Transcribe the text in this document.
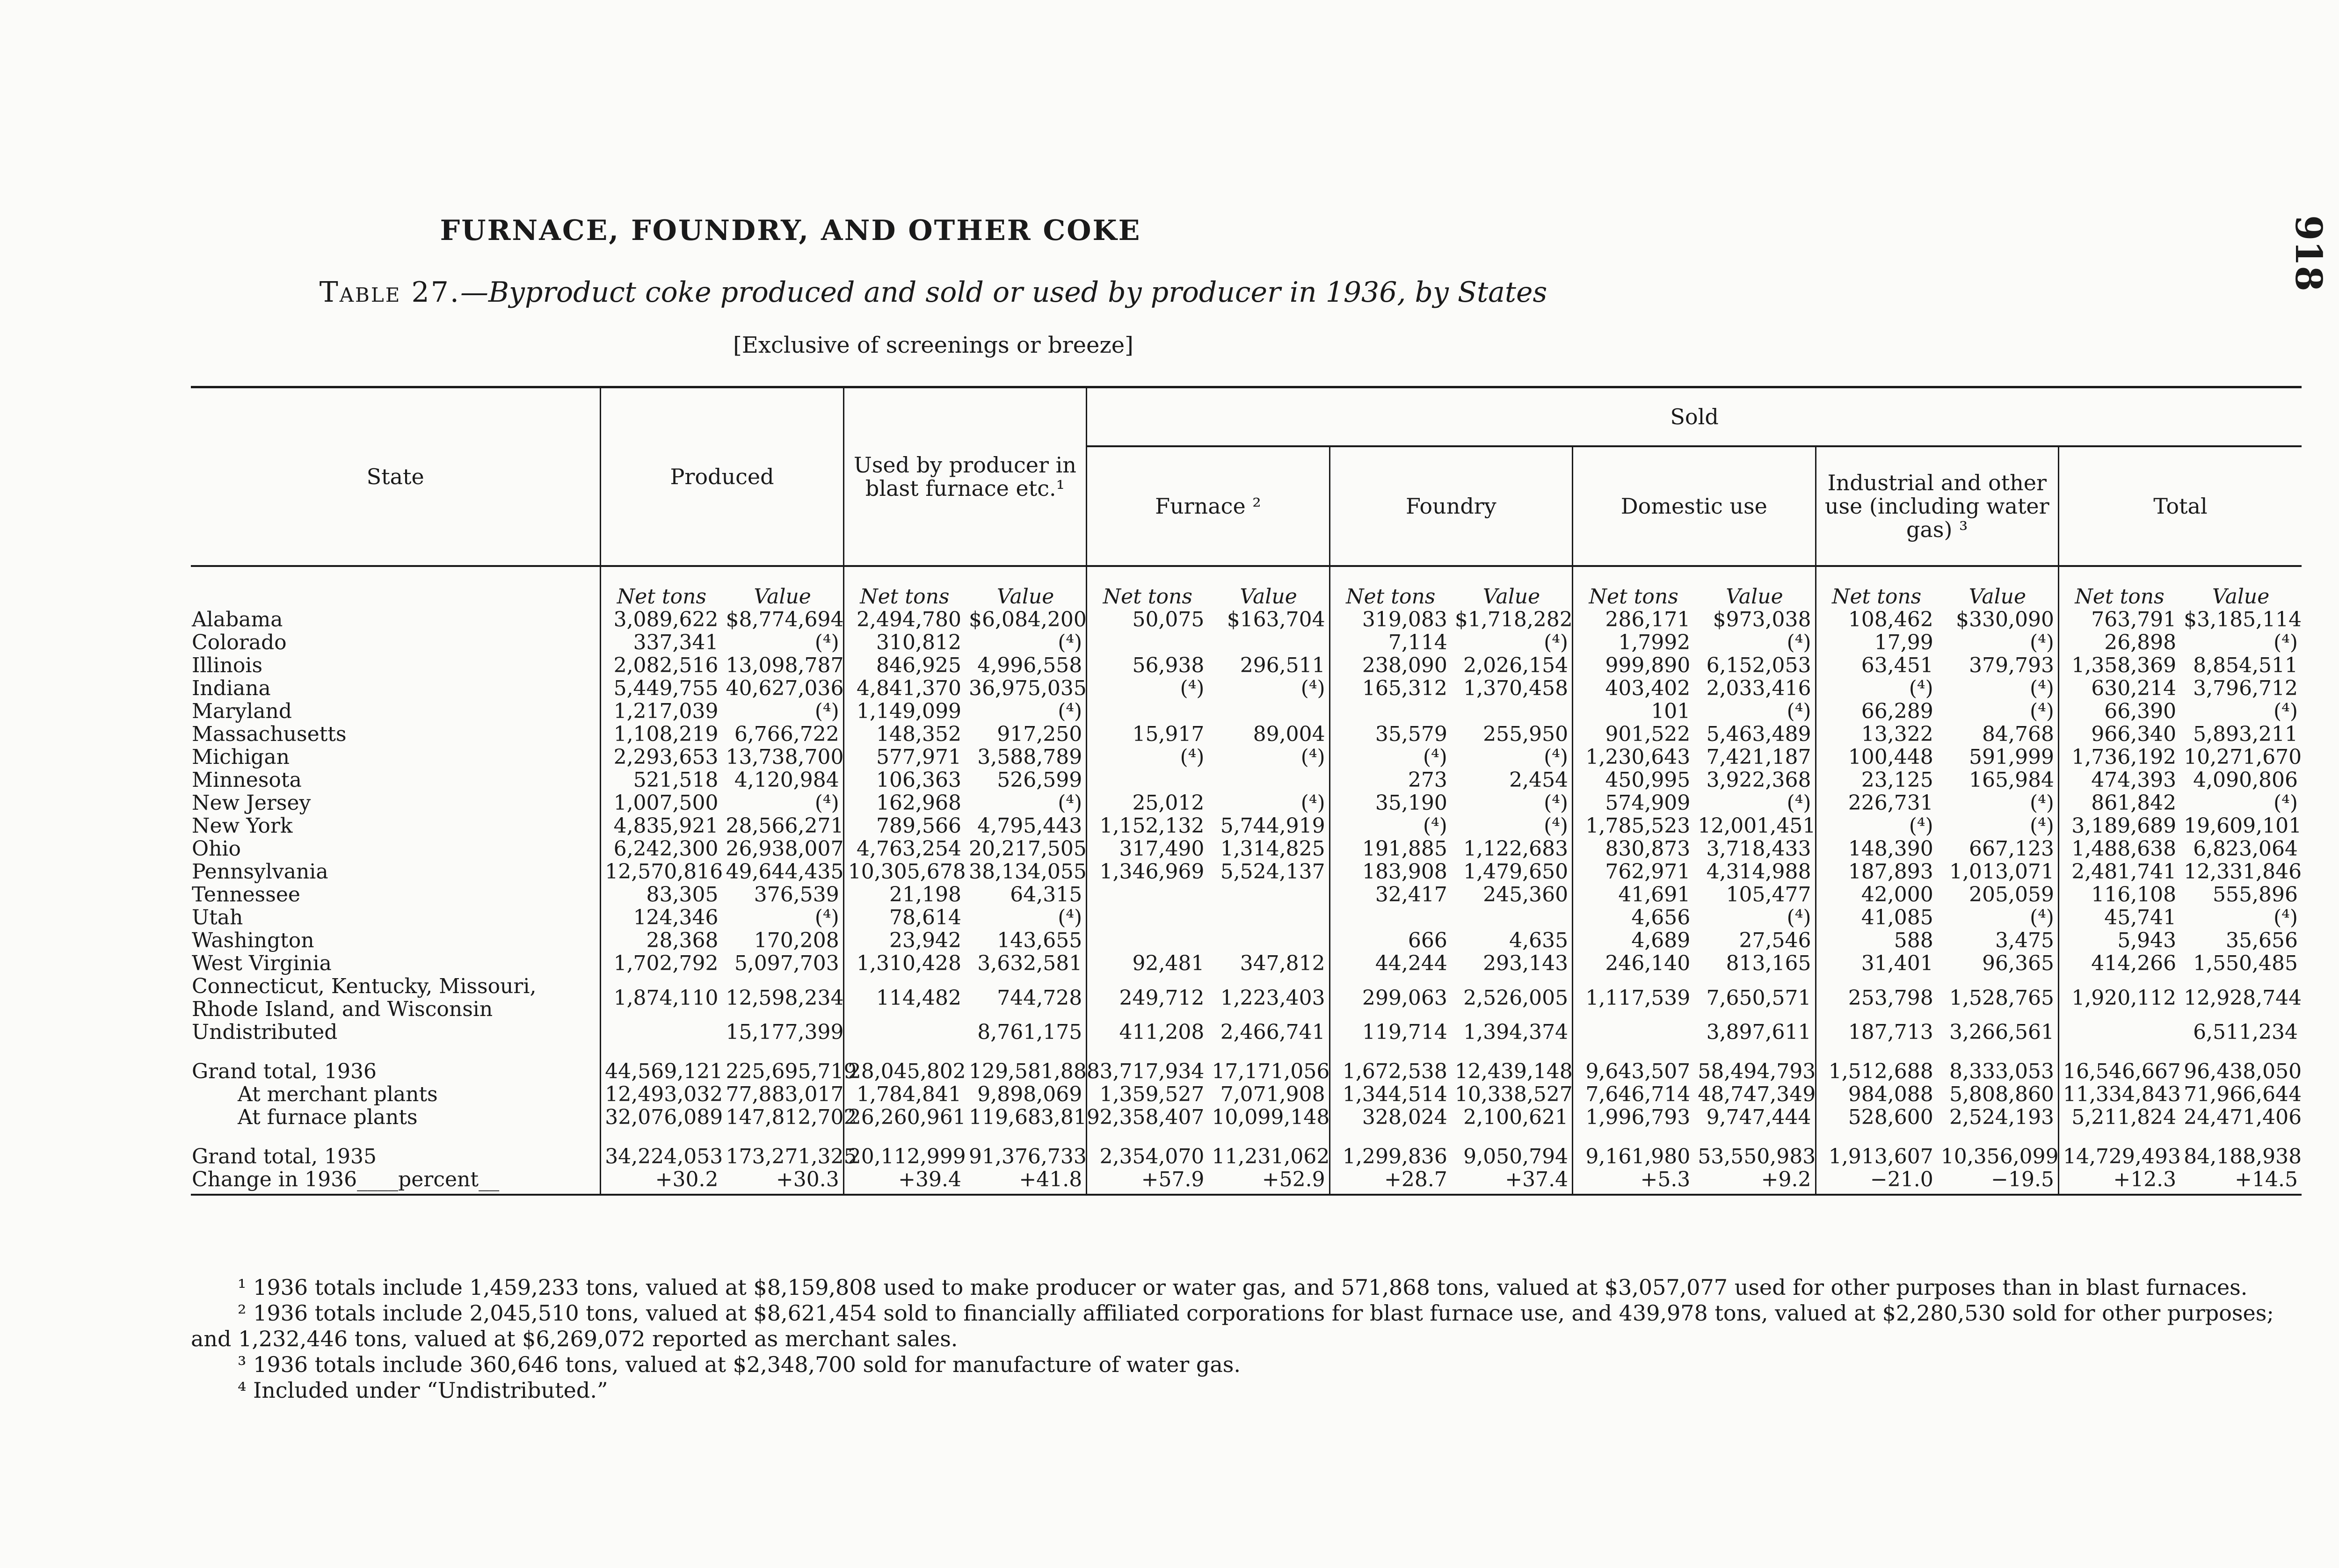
FURNACE, FOUNDRY, AND OTHER COKE
Table 27.—Byproduct coke produced and sold or used by producer in 1936, by States
[Exclusive of screenings or breeze]
918
State	Produced		Used by producer in blast furnace etc.¹		Sold									
					Furnace ²		Foundry		Domestic use		Industrial and other use (including water gas) ³		Total	
	Net tons	Value	Net tons	Value	Net tons	Value	Net tons	Value	Net tons	Value	Net tons	Value	Net tons	Value
Alabama	3,089,622	$8,774,694	2,494,780	$6,084,200	50,075	$163,704	319,083	$1,718,282	286,171	$973,038	108,462	$330,090	763,791	$3,185,114
Colorado	337,341	(⁴)	310,812	(⁴)			7,114	(⁴)	1,7992	(⁴)	17,99	(⁴)	26,898	(⁴)
Illinois	2,082,516	13,098,787	846,925	4,996,558	56,938	296,511	238,090	2,026,154	999,890	6,152,053	63,451	379,793	1,358,369	8,854,511
Indiana	5,449,755	40,627,036	4,841,370	36,975,035	(⁴)	(⁴)	165,312	1,370,458	403,402	2,033,416	(⁴)	(⁴)	630,214	3,796,712
Maryland	1,217,039	(⁴)	1,149,099	(⁴)					101	(⁴)	66,289	(⁴)	66,390	(⁴)
Massachusetts	1,108,219	6,766,722	148,352	917,250	15,917	89,004	35,579	255,950	901,522	5,463,489	13,322	84,768	966,340	5,893,211
Michigan	2,293,653	13,738,700	577,971	3,588,789	(⁴)	(⁴)	(⁴)	(⁴)	1,230,643	7,421,187	100,448	591,999	1,736,192	10,271,670
Minnesota	521,518	4,120,984	106,363	526,599			273	2,454	450,995	3,922,368	23,125	165,984	474,393	4,090,806
New Jersey	1,007,500	(⁴)	162,968	(⁴)	25,012	(⁴)	35,190	(⁴)	574,909	(⁴)	226,731	(⁴)	861,842	(⁴)
New York	4,835,921	28,566,271	789,566	4,795,443	1,152,132	5,744,919	(⁴)	(⁴)	1,785,523	12,001,451	(⁴)	(⁴)	3,189,689	19,609,101
Ohio	6,242,300	26,938,007	4,763,254	20,217,505	317,490	1,314,825	191,885	1,122,683	830,873	3,718,433	148,390	667,123	1,488,638	6,823,064
Pennsylvania	12,570,816	49,644,435	10,305,678	38,134,055	1,346,969	5,524,137	183,908	1,479,650	762,971	4,314,988	187,893	1,013,071	2,481,741	12,331,846
Tennessee	83,305	376,539	21,198	64,315			32,417	245,360	41,691	105,477	42,000	205,059	116,108	555,896
Utah	124,346	(⁴)	78,614	(⁴)					4,656	(⁴)	41,085	(⁴)	45,741	(⁴)
Washington	28,368	170,208	23,942	143,655			666	4,635	4,689	27,546	588	3,475	5,943	35,656
West Virginia	1,702,792	5,097,703	1,310,428	3,632,581	92,481	347,812	44,244	293,143	246,140	813,165	31,401	96,365	414,266	1,550,485
Connecticut, Kentucky, Missouri, Rhode Island, and Wisconsin	1,874,110	12,598,234	114,482	744,728	249,712	1,223,403	299,063	2,526,005	1,117,539	7,650,571	253,798	1,528,765	1,920,112	12,928,744
Undistributed		15,177,399		8,761,175	411,208	2,466,741	119,714	1,394,374		3,897,611	187,713	3,266,561		6,511,234
Grand total, 1936	44,569,121	225,695,719	28,045,802	129,581,888	3,717,934	17,171,056	1,672,538	12,439,148	9,643,507	58,494,793	1,512,688	8,333,053	16,546,667	96,438,050
At merchant plants	12,493,032	77,883,017	1,784,841	9,898,069	1,359,527	7,071,908	1,344,514	10,338,527	7,646,714	48,747,349	984,088	5,808,860	11,334,843	71,966,644
At furnace plants	32,076,089	147,812,702	26,260,961	119,683,819	2,358,407	10,099,148	328,024	2,100,621	1,996,793	9,747,444	528,600	2,524,193	5,211,824	24,471,406
Grand total, 1935	34,224,053	173,271,325	20,112,999	91,376,733	2,354,070	11,231,062	1,299,836	9,050,794	9,161,980	53,550,983	1,913,607	10,356,099	14,729,493	84,188,938
Change in 1936____percent__	+30.2	+30.3	+39.4	+41.8	+57.9	+52.9	+28.7	+37.4	+5.3	+9.2	−21.0	−19.5	+12.3	+14.5

¹ 1936 totals include 1,459,233 tons, valued at $8,159,808 used to make producer or water gas, and 571,868 tons, valued at $3,057,077 used for other purposes than in blast furnaces.

² 1936 totals include 2,045,510 tons, valued at $8,621,454 sold to financially affiliated corporations for blast furnace use, and 439,978 tons, valued at $2,280,530 sold for other purposes; and 1,232,446 tons, valued at $6,269,072 reported as merchant sales.

³ 1936 totals include 360,646 tons, valued at $2,348,700 sold for manufacture of water gas.

⁴ Included under “Undistributed.”
